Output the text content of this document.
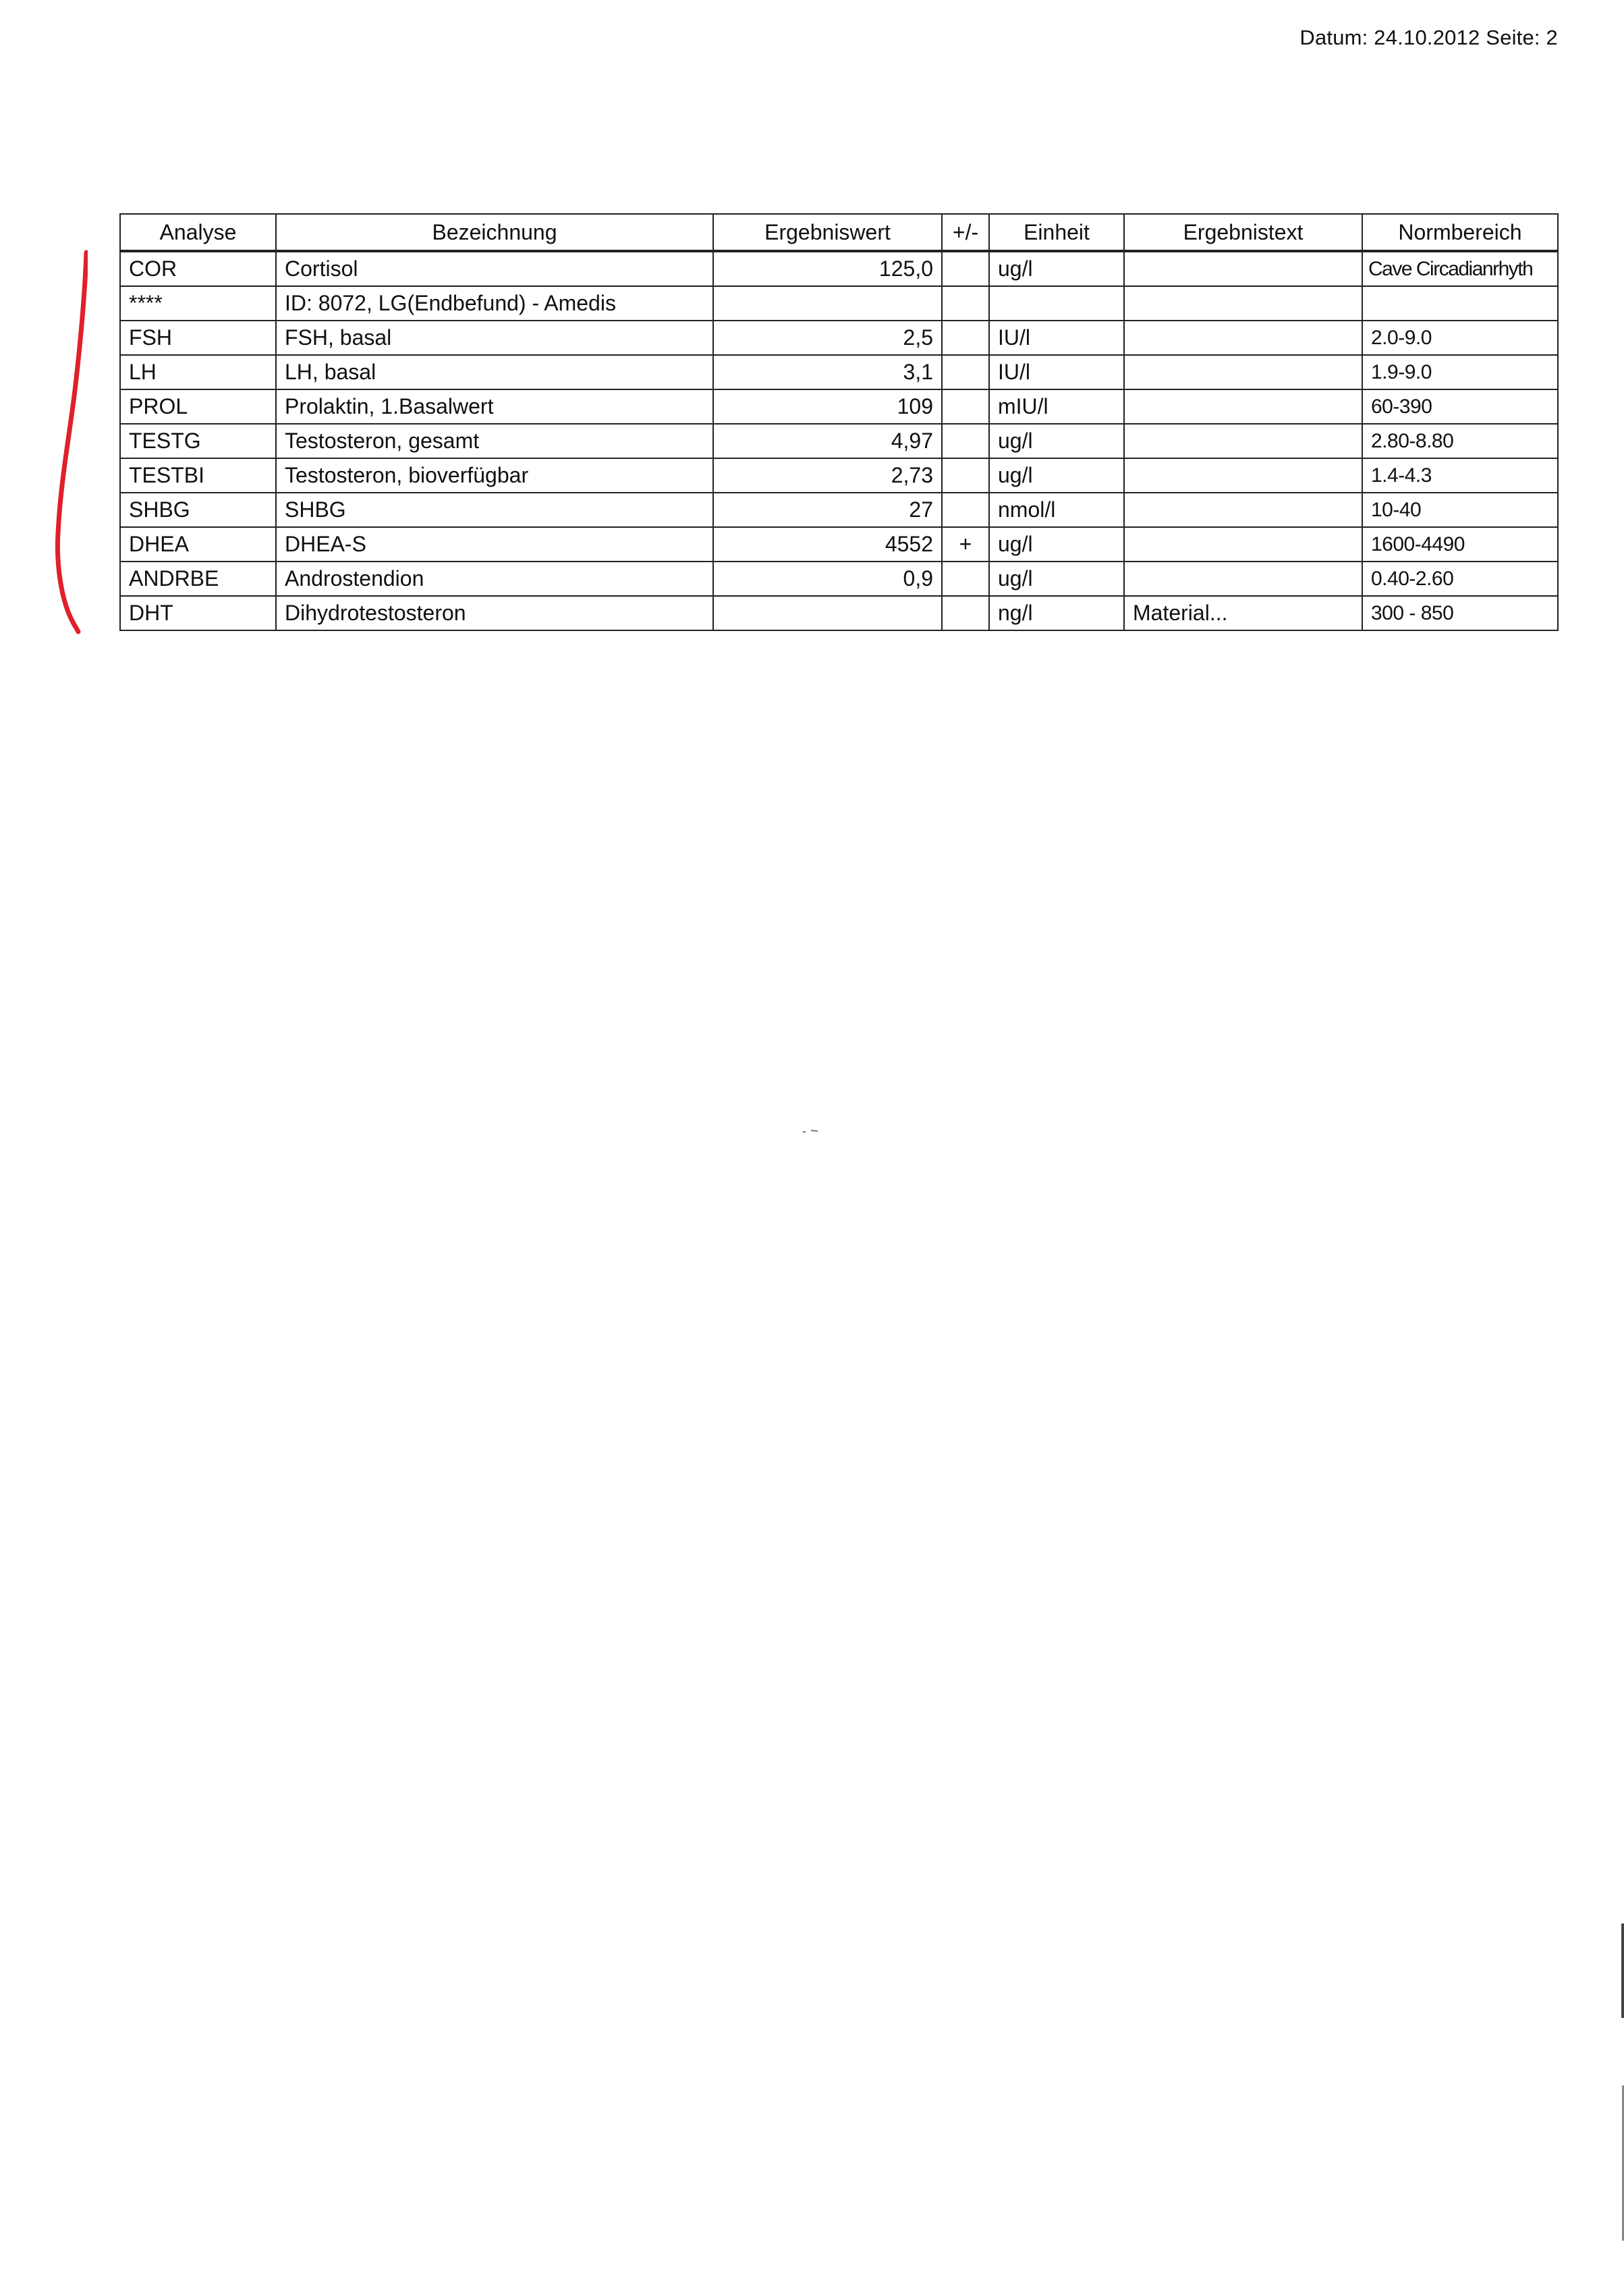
Datum: 24.10.2012 Seite: 2
Analyse	Bezeichnung	Ergebniswert	+/-	Einheit	Ergebnistext	Normbereich
COR	Cortisol	125,0		ug/l		Cave Circadianrhyth
****	ID: 8072, LG(Endbefund) - Amedis					
FSH	FSH, basal	2,5		IU/l		2.0-9.0
LH	LH, basal	3,1		IU/l		1.9-9.0
PROL	Prolaktin, 1.Basalwert	109		mIU/l		60-390
TESTG	Testosteron, gesamt	4,97		ug/l		2.80-8.80
TESTBI	Testosteron, bioverfügbar	2,73		ug/l		1.4-4.3
SHBG	SHBG	27		nmol/l		10-40
DHEA	DHEA-S	4552	+	ug/l		1600-4490
ANDRBE	Androstendion	0,9		ug/l		0.40-2.60
DHT	Dihydrotestosteron			ng/l	Material...	300 - 850
